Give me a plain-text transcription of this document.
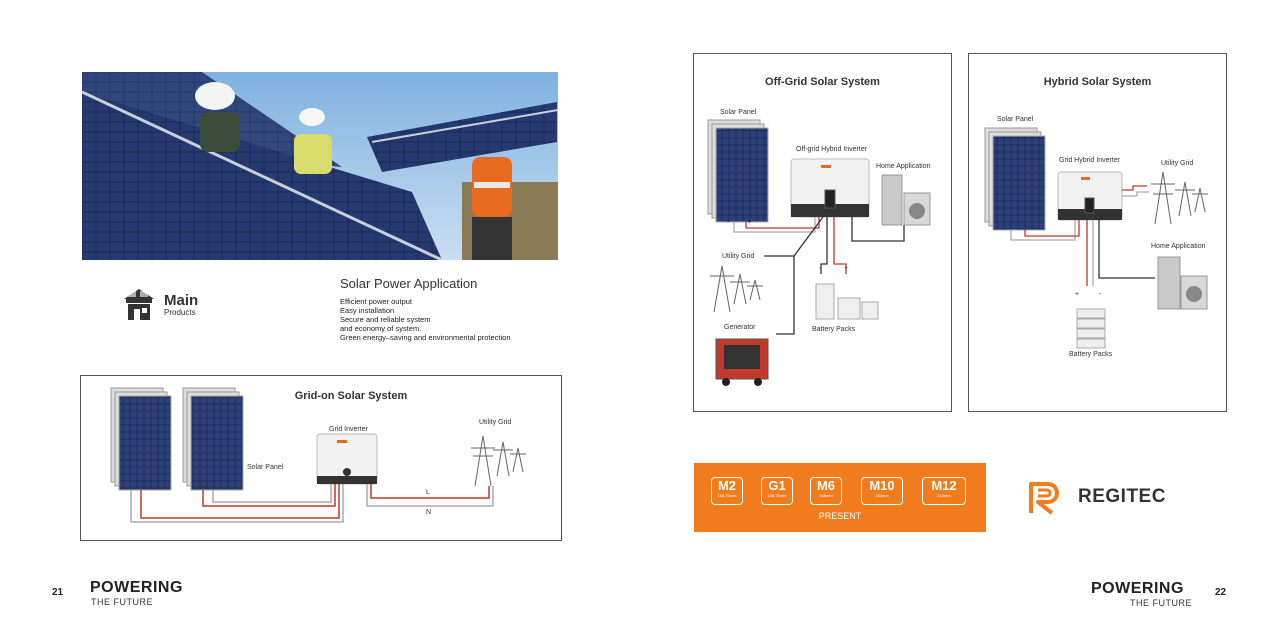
Main
Products
Solar Power Application
Efficient power output
Easy installation
Secure and reliable system
and economy of system.
Green energy–saving and environmental protection
Grid-on Solar System
Grid Inverter
Solar Panel
Utility Grid
L
N
-	+	+ -
21 POWERING
THE FUTURE
Off-Grid Solar System
Solar Panel
Off-grid Hybrid Inverter
Home Application
Utility Grid
Generator	Battery Packs
-	+
-	+
Hybrid Solar System
Solar Panel
Grid Hybrid Inverter	Utility Grid
Home Application
Battery Packs
-	+
+	-
M2
156.75mm
G1
158.75mm
M6
166mm
M10
182mm
M12
210mm
PRESENT
REGITEC
POWERING
THE FUTURE
22
